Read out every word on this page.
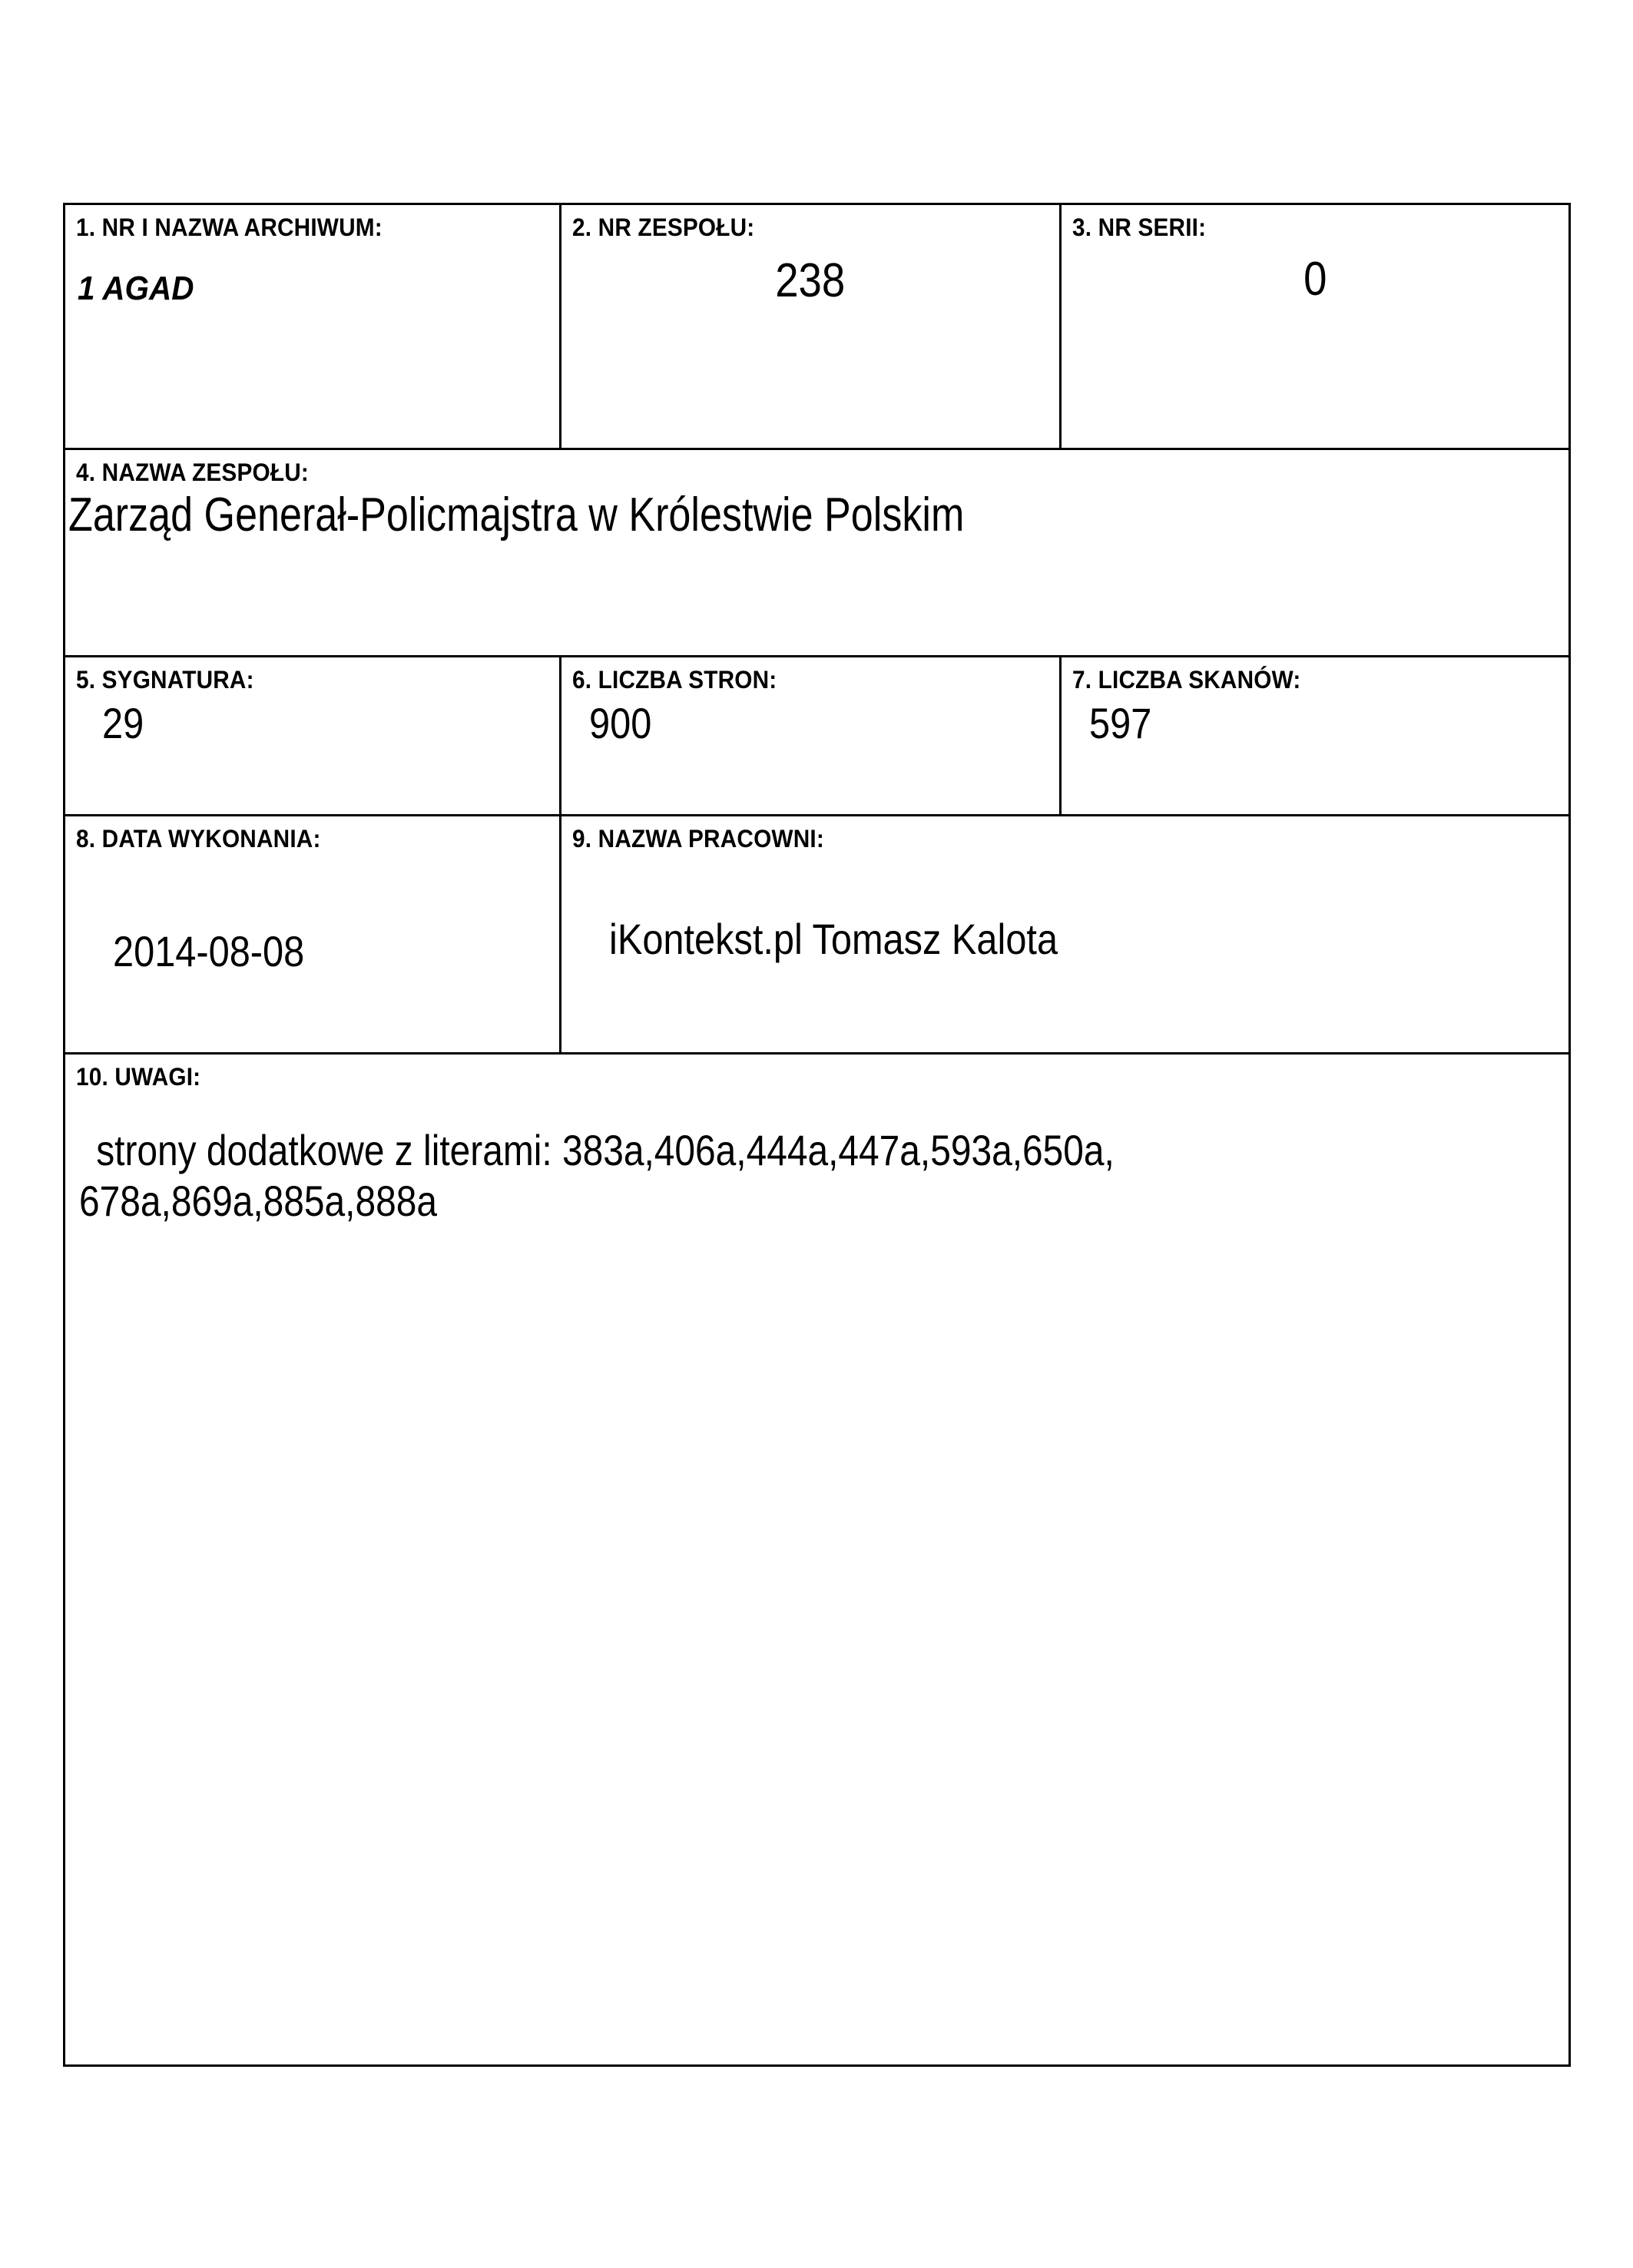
1. NR I NAZWA ARCHIWUM:
1 AGAD

2. NR ZESPOŁU:
238

3. NR SERII:
0

4. NAZWA ZESPOŁU:
Zarząd Generał-Policmajstra w Królestwie Polskim		

5. SYGNATURA:
29

6. LICZBA STRON:
900

7. LICZBA SKANÓW:
597

8. DATA WYKONANIA:
2014-08-08

9. NAZWA PRACOWNI:
iKontekst.pl Tomasz Kalota

10. UWAGI:
strony dodatkowe z literami: 383a,406a,444a,447a,593a,650a,
678a,869a,885a,888a		
